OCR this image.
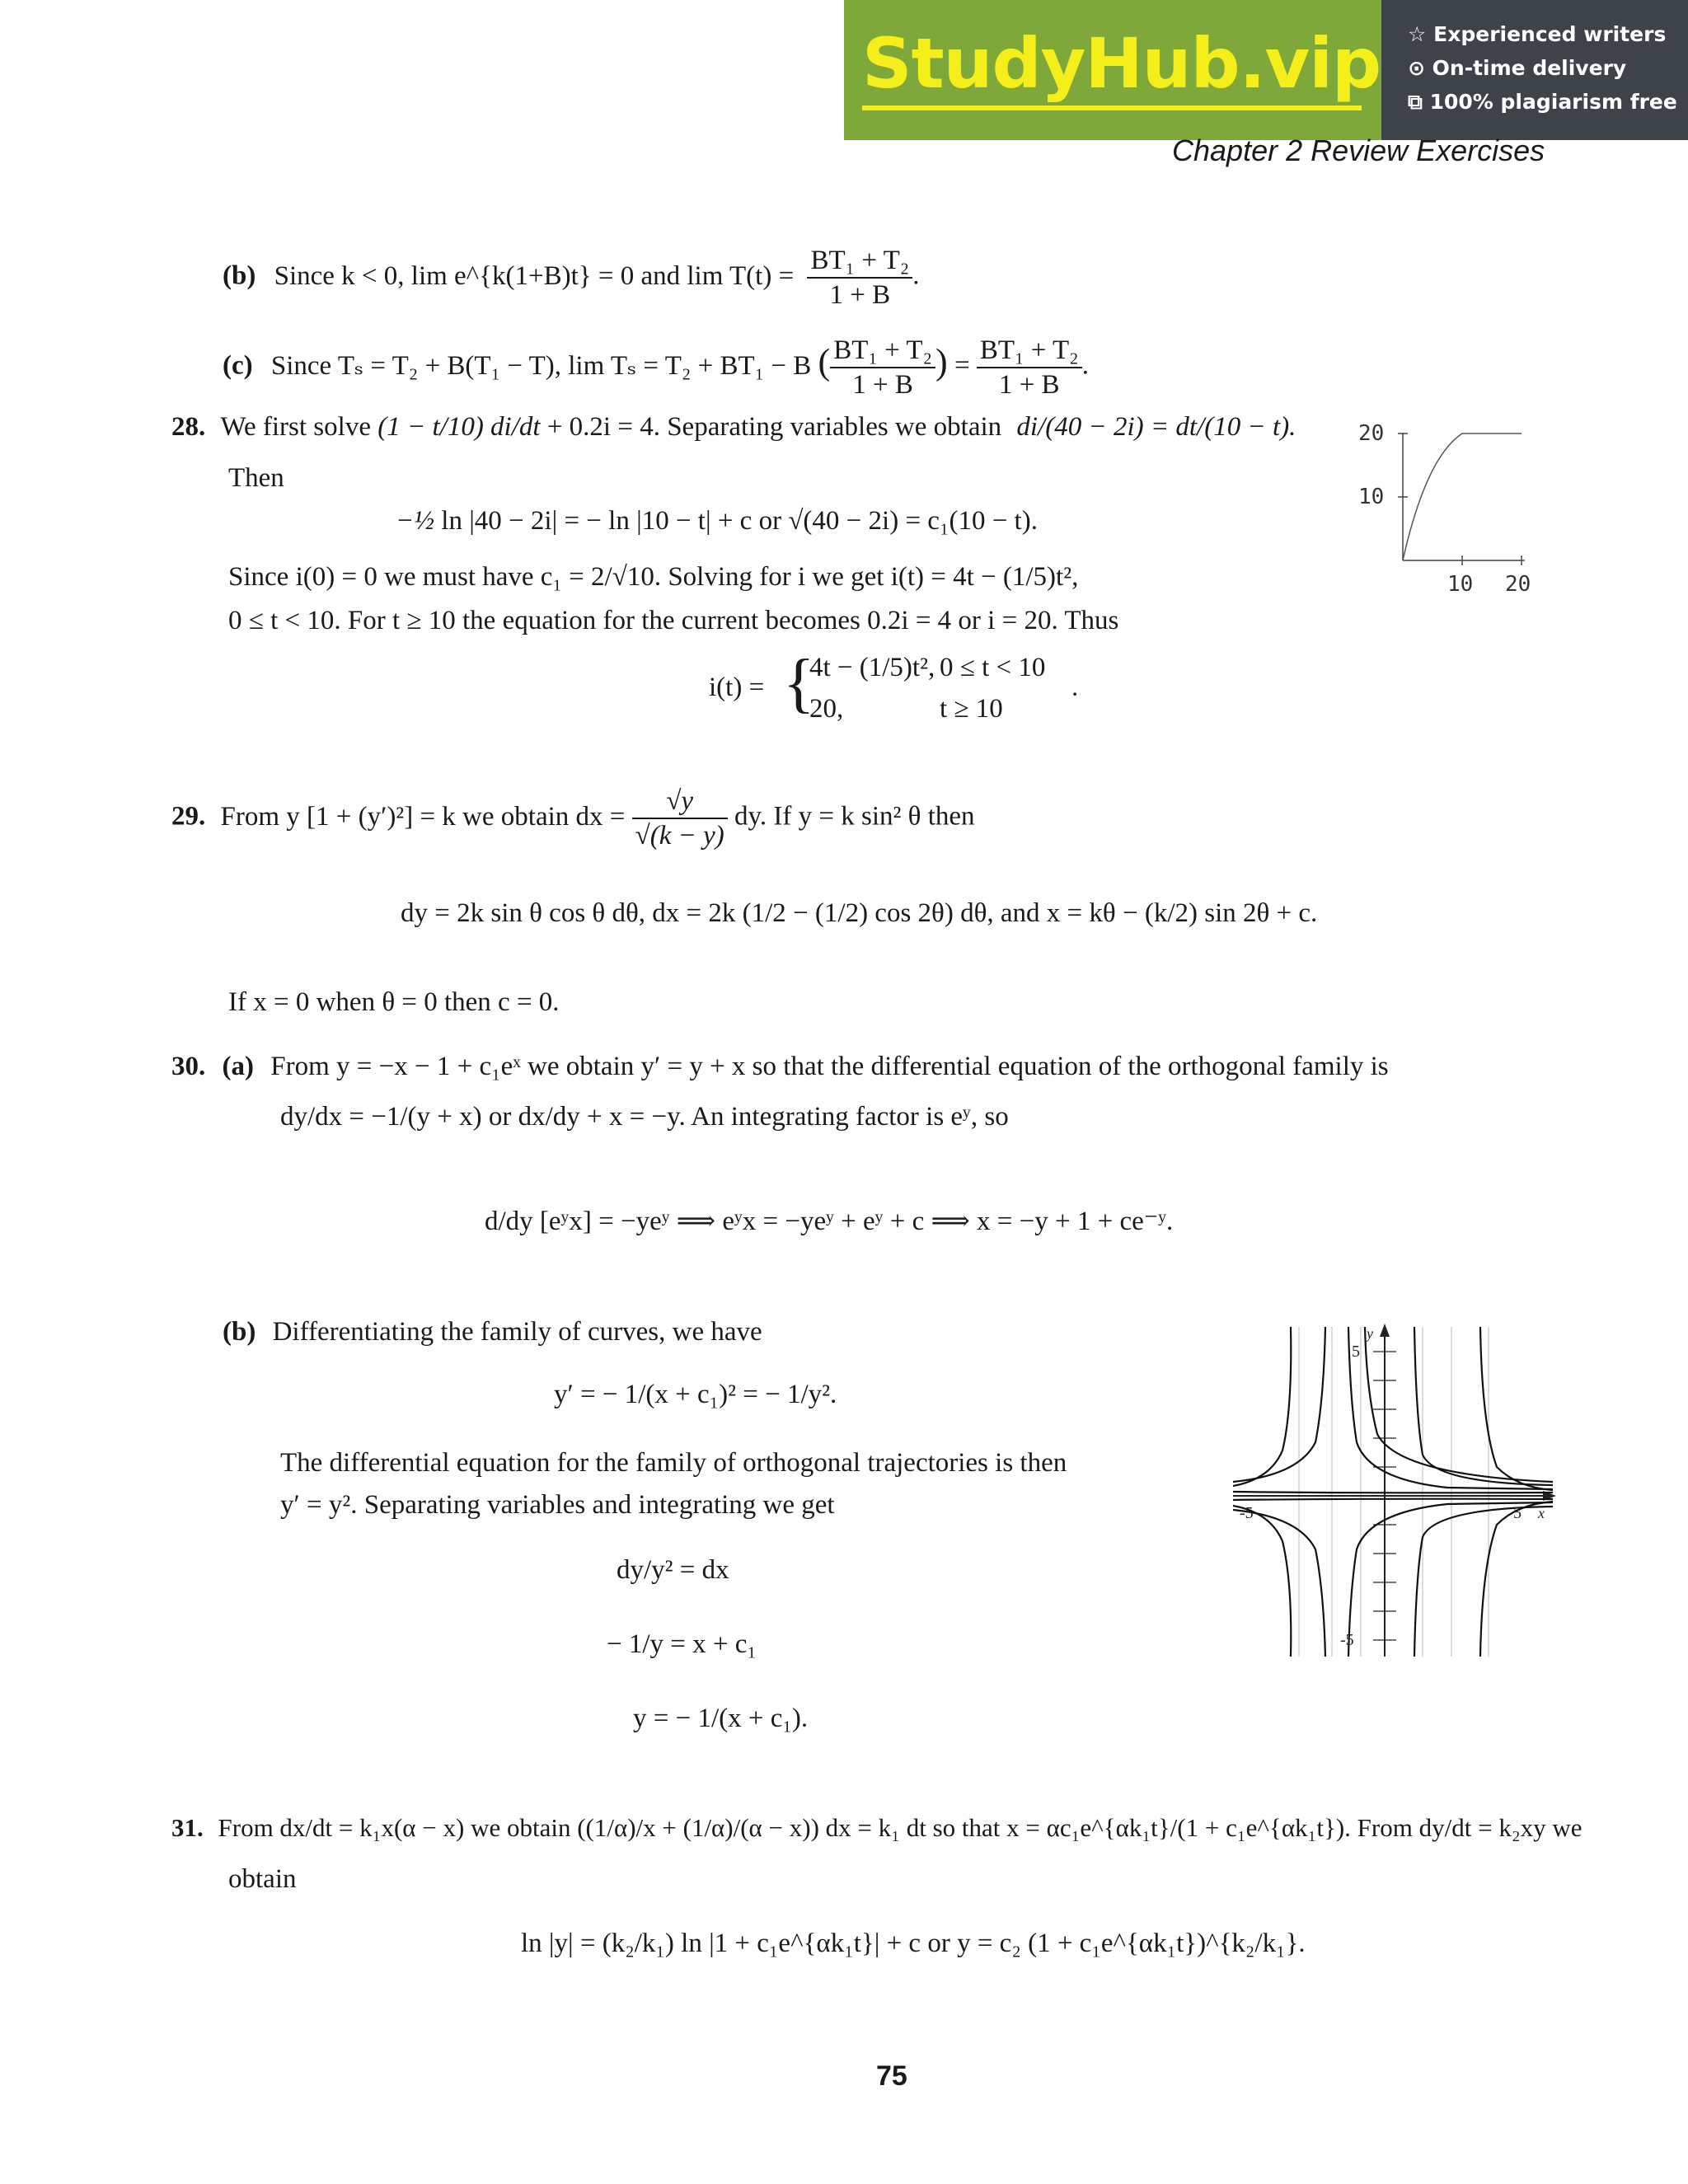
StudyHub.vip ☆ Experienced writers
⊙ On-time delivery
⧉ 100% plagiarism free
Chapter 2 Review Exercises
(b) Since k < 0, lim e^{k(1+B)t} = 0 and $\lim T(t) = \frac{\text{BT₁ + T₂}}{1 + B}$ .
(c) Since Tₛ = T₂ + B(T₁ − T), lim Tₛ = T₂ + BT₁ − B ( $\frac{\text{BT₁ + T₂}}{1 + B}$ ) = $\frac{\text{BT₁ + T₂}}{1 + B}$ .
28. We first solve (1 − t/10) di/dt + 0.2i = 4. Separating variables we obtain di/(40 − 2i) = dt/(10 − t).
Then
−½ ln |40 − 2i| = − ln |10 − t| + c or √(40 − 2i) = c₁(10 − t).
Since i(0) = 0 we must have c₁ = 2/√10. Solving for i we get i(t) = 4t − (1/5)t²,
0 ≤ t < 10. For t ≥ 10 the equation for the current becomes 0.2i = 4 or i = 20. Thus
i(t) = {
4t − (1/5)t², 0 ≤ t < 10
20,	t ≥ 10
.
20
10
10 20
29. From y [1 + (y′)²] = k we obtain dx = $\frac{√y}{√(k - y)}$ dy. If y = k sin² θ then
dy = 2k sin θ cos θ dθ, dx = 2k (1/2 − (1/2) cos 2θ) dθ, and x = kθ − (k/2) sin 2θ + c.
If x = 0 when θ = 0 then c = 0.
30. (a) From y = −x − 1 + c₁eˣ we obtain y′ = y + x so that the differential equation of the orthogonal family is
dy/dx = −1/(y + x) or dx/dy + x = −y. An integrating factor is eʸ, so
d/dy [eʸx] = −yeʸ ⟹ eʸx = −yeʸ + eʸ + c ⟹ x = −y + 1 + ce⁻ʸ.
(b) Differentiating the family of curves, we have
y′ = − 1/(x + c₁)² = − 1/y².
The differential equation for the family of orthogonal trajectories is then
y′ = y². Separating variables and integrating we get
dy/y² = dx
− 1/y = x + c₁
y = − 1/(x + c₁).
5
y
-5
-5	5 x
31. From dx/dt = k₁x(α − x) we obtain ((1/α)/x + (1/α)/(α − x)) dx = k₁ dt so that x = αc₁e^{αk₁t}/(1 + c₁e^{αk₁t}). From dy/dt = k₂xy we
obtain
ln |y| = (k₂/k₁) ln |1 + c₁e^{αk₁t}| + c or y = c₂ (1 + c₁e^{αk₁t})^{k₂/k₁}.
75
